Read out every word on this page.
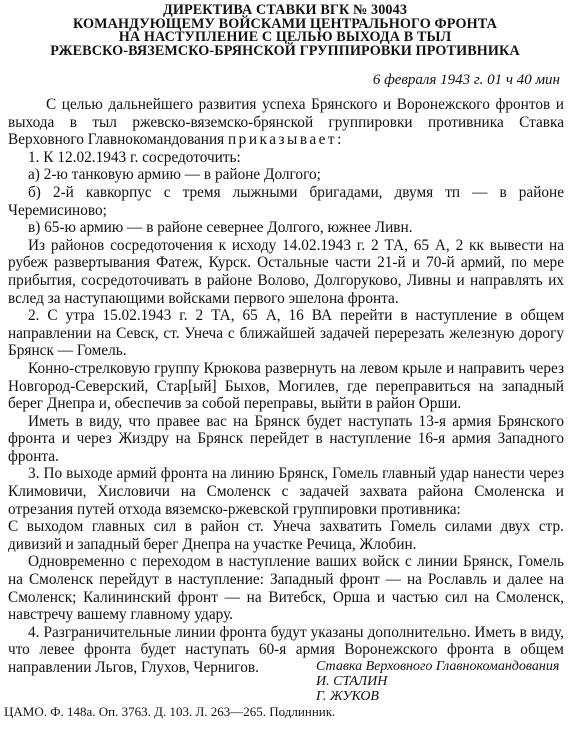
ДИРЕКТИВА СТАВКИ ВГК № 30043
КОМАНДУЮЩЕМУ ВОЙСКАМИ ЦЕНТРАЛЬНОГО ФРОНТА
НА НАСТУПЛЕНИЕ С ЦЕЛЬЮ ВЫХОДА В ТЫЛ
РЖЕВСКО-ВЯЗЕМСКО-БРЯНСКОЙ ГРУППИРОВКИ ПРОТИВНИКА
6 февраля 1943 г. 01 ч 40 мин

С целью дальнейшего развития успеха Брянского и Воронежского фронтов и выхода в тыл ржевско-вяземско-брянской группировки противника Ставка Верховного Главнокомандования приказывает:

1. К 12.02.1943 г. сосредоточить:

а) 2-ю танковую армию — в районе Долгого;

б) 2-й кавкорпус с тремя лыжными бригадами, двумя тп — в районе Черемисиново;

в) 65-ю армию — в районе севернее Долгого, южнее Ливн.

Из районов сосредоточения к исходу 14.02.1943 г. 2 ТА, 65 А, 2 кк вывести на рубеж развертывания Фатеж, Курск. Остальные части 21-й и 70-й армий, по мере прибытия, сосредоточивать в районе Волово, Долгоруково, Ливны и направлять их вслед за наступающими войсками первого эшелона фронта.

2. С утра 15.02.1943 г. 2 ТА, 65 А, 16 ВА перейти в наступление в общем направлении на Севск, ст. Унеча с ближайшей задачей перерезать железную дорогу Брянск — Гомель.

Конно-стрелковую группу Крюкова развернуть на левом крыле и направить через Новгород-Северский, Стар[ый] Быхов, Могилев, где переправиться на западный берег Днепра и, обеспечив за собой переправы, выйти в район Орши.

Иметь в виду, что правее вас на Брянск будет наступать 13-я армия Брянского фронта и через Жиздру на Брянск перейдет в наступление 16-я армия Западного фронта.

3. По выходе армий фронта на линию Брянск, Гомель главный удар нанести через Климовичи, Хисловичи на Смоленск с задачей захвата района Смоленска и отрезания путей отхода вяземско-ржевской группировки противника:

С выходом главных сил в район ст. Унеча захватить Гомель силами двух стр. дивизий и западный берег Днепра на участке Речица, Жлобин.

Одновременно с переходом в наступление ваших войск с линии Брянск, Гомель на Смоленск перейдут в наступление: Западный фронт — на Рославль и далее на Смоленск; Калининский фронт — на Витебск, Орша и частью сил на Смоленск, навстречу вашему главному удару.

4. Разграничительные линии фронта будут указаны дополнительно. Иметь в виду, что левее фронта будет наступать 60-я армия Воронежского фронта в общем направлении Льгов, Глухов, Чернигов.	Ставка Верховного Главнокомандования
И. СТАЛИН
Г. ЖУКОВ
ЦАМО. Ф. 148а. Оп. 3763. Д. 103. Л. 263—265. Подлинник.
